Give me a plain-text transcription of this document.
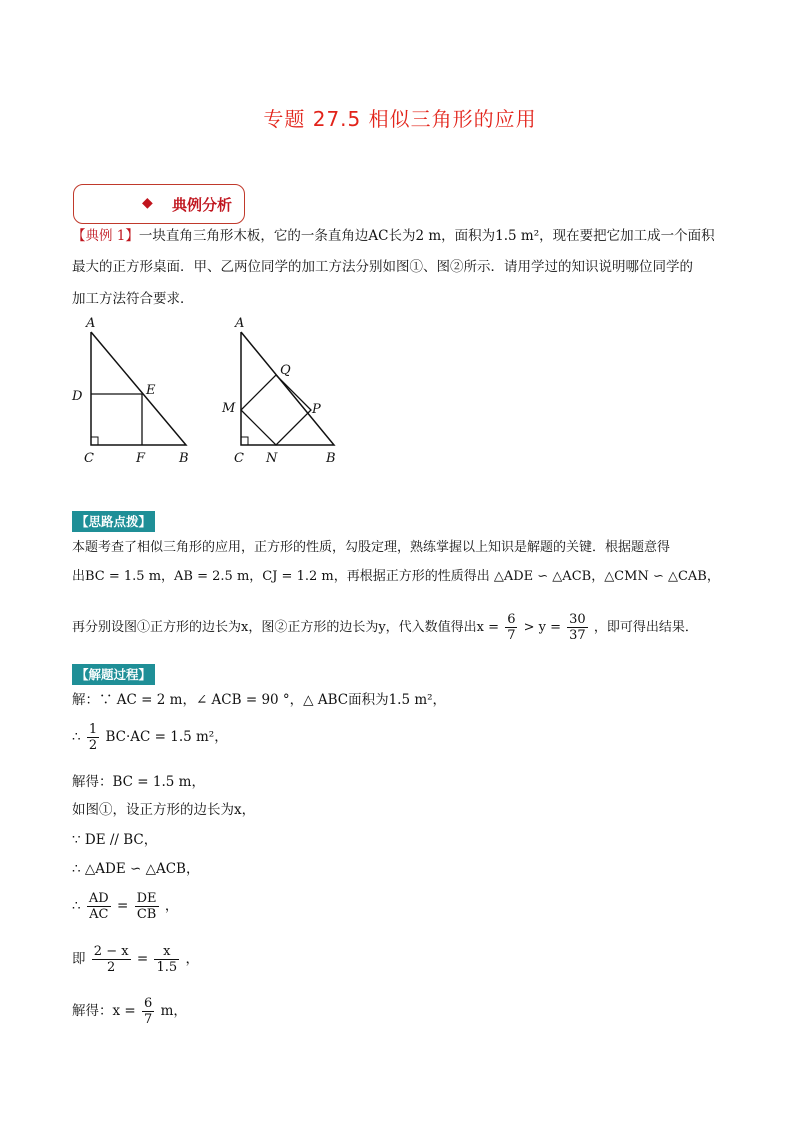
专题 27.5 相似三角形的应用
◆ 典例分析
【典例 1】一块直角三角形木板，它的一条直角边AC长为2 m，面积为1.5 m²，现在要把它加工成一个面积
最大的正方形桌面．甲、乙两位同学的加工方法分别如图①、图②所示．请用学过的知识说明哪位同学的
加工方法符合要求．
A
D	E
C	F	B
A
Q
M	P
C N	B
【思路点拨】
本题考查了相似三角形的应用，正方形的性质，勾股定理，熟练掌握以上知识是解题的关键．根据题意得
出BC = 1.5 m，AB = 2.5 m，CJ = 1.2 m，再根据正方形的性质得出 △ADE ∽ △ACB，△CMN ∽ △CAB，
再分别设图①正方形的边长为x，图②正方形的边长为y，代入数值得出$x = \frac{6}{7} > y = \frac{30}{37}$ ，即可得出结果．
【解题过程】
解：∵ AC = 2 m，∠ ACB = 90 °，△ ABC面积为1.5 m²，
∴ $\frac{1}{2} BC\cdot AC = 1.5$ m²，
解得：BC = 1.5 m，
如图①，设正方形的边长为x，
∵ DE // BC，
∴ △ADE ∽ △ACB，
∴ $\frac{AD}{AC} = \frac{DE}{CB}$ ，
即 $\frac{2 - x}{2} = \frac{x}{1.5}$ ，
解得：$x = \frac{6}{7}$ m，
